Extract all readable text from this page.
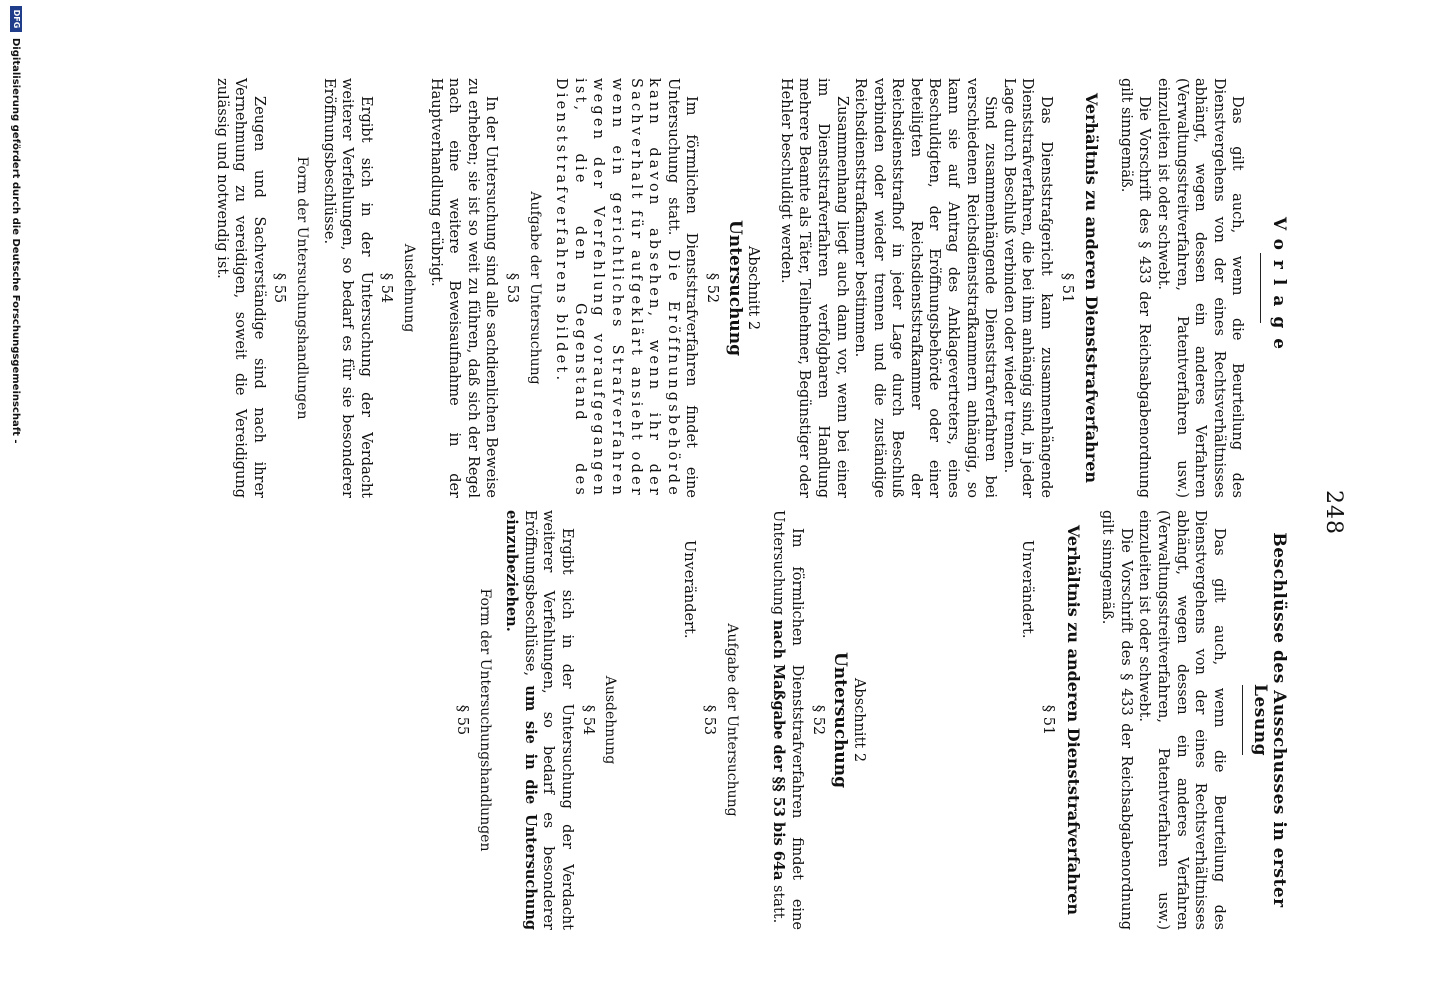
248
Vorlage

Das gilt auch, wenn die Beurteilung des Dienstvergehens von der eines Rechtsverhältnisses abhängt, wegen dessen ein anderes Verfahren (Verwaltungsstreitverfahren, Patentverfahren usw.) einzuleiten ist oder schwebt.

Die Vorschrift des § 433 der Reichsabgabenordnung gilt sinngemäß.

Verhältnis zu anderen Dienststrafverfahren
§ 51

Das Dienststrafgericht kann zusammenhängende Dienststrafverfahren, die bei ihm anhängig sind, in jeder Lage durch Beschluß verbinden oder wieder trennen.

Sind zusammenhängende Dienststrafverfahren bei verschiedenen Reichsdienststrafkammern anhängig, so kann sie auf Antrag des Anklagevertreters, eines Beschuldigten, der Eröffnungsbehörde oder einer beteiligten Reichsdienststrafkammer der Reichsdienststrafhof in jeder Lage durch Beschluß verbinden oder wieder trennen und die zuständige Reichsdienststrafkammer bestimmen.

Zusammenhang liegt auch dann vor, wenn bei einer im Dienststrafverfahren verfolgbaren Handlung mehrere Beamte als Täter, Teilnehmer, Begünstiger oder Hehler beschuldigt werden.

Abschnitt 2
Untersuchung
§ 52

Im förmlichen Dienststrafverfahren findet eine Untersuchung statt. Die Eröffnungsbehörde kann davon absehen, wenn ihr der Sachverhalt für aufgeklärt ansieht oder wenn ein gerichtliches Strafverfahren wegen der Verfehlung voraufgegangen ist, die den Gegenstand des Dienststrafverfahrens bildet.

Aufgabe der Untersuchung
§ 53

In der Untersuchung sind alle sachdienlichen Beweise zu erheben; sie ist so weit zu führen, daß sich der Regel nach eine weitere Beweisaufnahme in der Hauptverhandlung erübrigt.

Ausdehnung
§ 54

Ergibt sich in der Untersuchung der Verdacht weiterer Verfehlungen, so bedarf es für sie besonderer Eröffnungsbeschlüsse.

Form der Untersuchungshandlungen
§ 55

Zeugen und Sachverständige sind nach ihrer Vernehmung zu vereidigen, soweit die Vereidigung zulässig und notwendig ist.

Beschlüsse des Ausschusses in erster Lesung

Das gilt auch, wenn die Beurteilung des Dienstvergehens von der eines Rechtsverhältnisses abhängt, wegen dessen ein anderes Verfahren (Verwaltungsstreitverfahren, Patentverfahren usw.) einzuleiten ist oder schwebt.

Die Vorschrift des § 433 der Reichsabgabenordnung gilt sinngemäß.

Verhältnis zu anderen Dienststrafverfahren
§ 51

Unverändert.

Abschnitt 2
Untersuchung
§ 52

Im förmlichen Dienststrafverfahren findet eine Untersuchung nach Maßgabe der §§ 53 bis 64a statt.

Aufgabe der Untersuchung
§ 53

Unverändert.

Ausdehnung
§ 54

Ergibt sich in der Untersuchung der Verdacht weiterer Verfehlungen, so bedarf es besonderer Eröffnungsbeschlüsse, um sie in die Untersuchung einzubeziehen.

Form der Untersuchungshandlungen
§ 55
DFG
Digitalisierung gefördert durch die Deutsche Forschungsgemeinschaft -
